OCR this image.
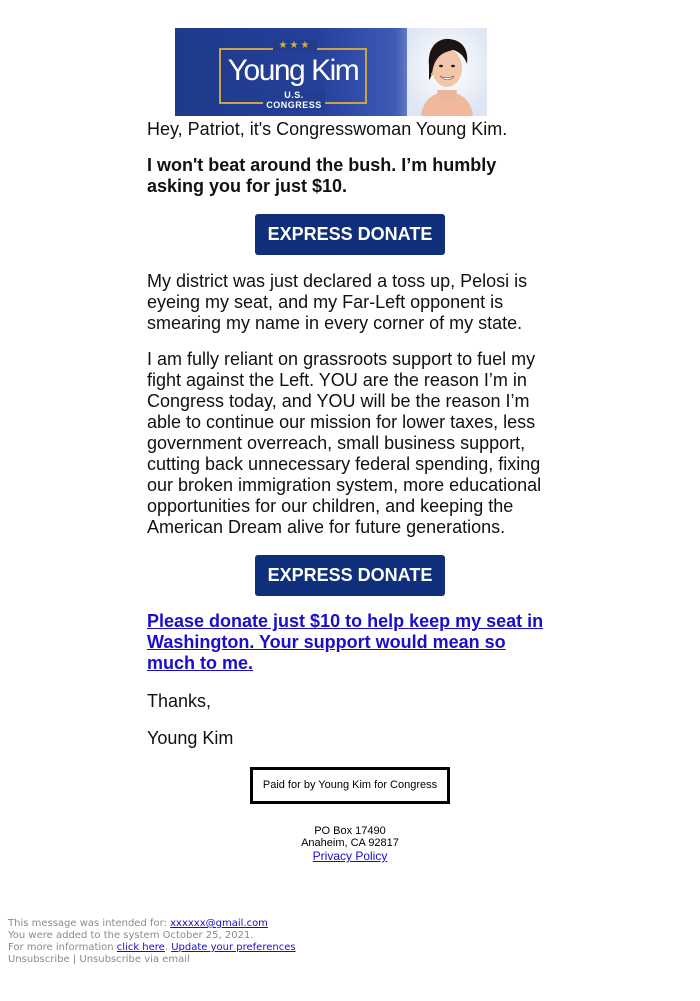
★★★
Young Kim
U.S. CONGRESS

Hey, Patriot, it's Congresswoman Young Kim.

I won't beat around the bush. I’m humbly asking you for just $10.

EXPRESS DONATE

My district was just declared a toss up, Pelosi is eyeing my seat, and my Far-Left opponent is smearing my name in every corner of my state.

I am fully reliant on grassroots support to fuel my fight against the Left. YOU are the reason I’m in Congress today, and YOU will be the reason I’m able to continue our mission for lower taxes, less government overreach, small business support, cutting back unnecessary federal spending, fixing our broken immigration system, more educational opportunities for our children, and keeping the American Dream alive for future generations.

EXPRESS DONATE
Please donate just $10 to help keep my seat in Washington. Your support would mean so much to me.

Thanks,

Young Kim

Paid for by Young Kim for Congress
PO Box 17490
Anaheim, CA 92817
Privacy Policy
This message was intended for: xxxxxx@gmail.com
You were added to the system October 25, 2021.
For more information click here. Update your preferences
Unsubscribe | Unsubscribe via email
